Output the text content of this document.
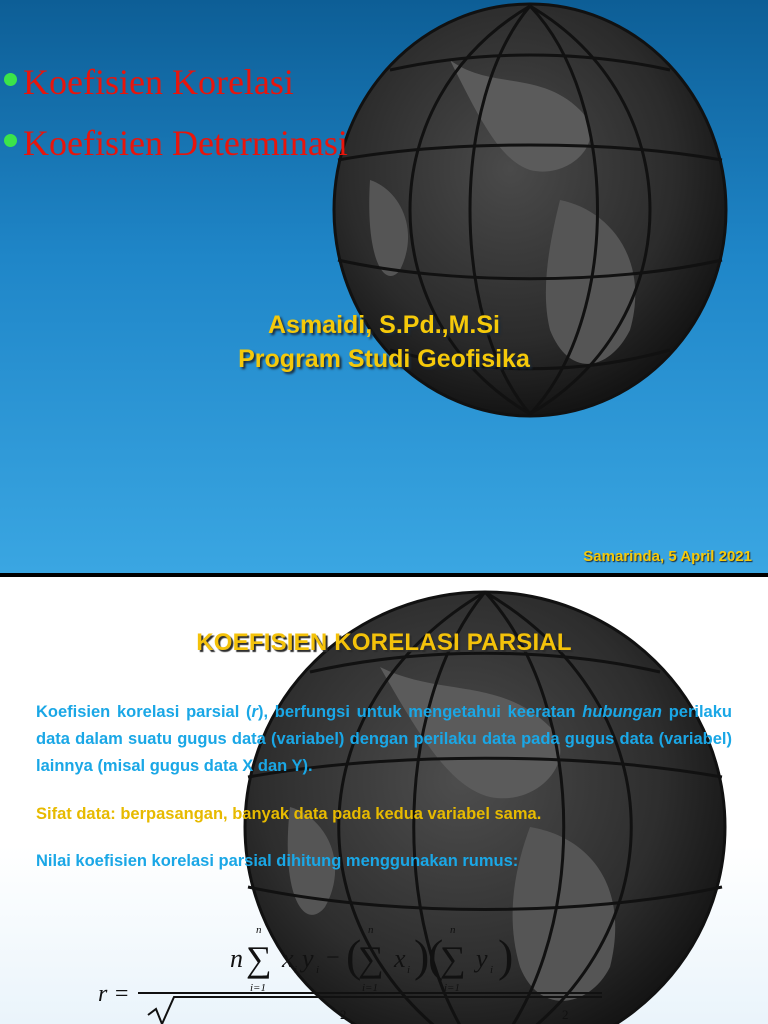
Koefisien Korelasi
Koefisien Determinasi
Asmaidi, S.Pd.,M.Si
Program Studi Geofisika
Samarinda, 5 April 2021
KOEFISIEN KORELASI PARSIAL
Koefisien korelasi parsial (r), berfungsi untuk mengetahui keeratan hubungan perilaku data dalam suatu gugus data (variabel) dengan perilaku data pada gugus data (variabel) lainnya (misal gugus data X dan Y).
Sifat data: berpasangan, banyak data pada kedua variabel sama.
Nilai koefisien korelasi parsial dihitung menggunakan rumus:
r =
n ∑
n
i=1
x i y i − (
∑
n
i=1
x i )
(
∑
n
i=1
y i )
2	2
